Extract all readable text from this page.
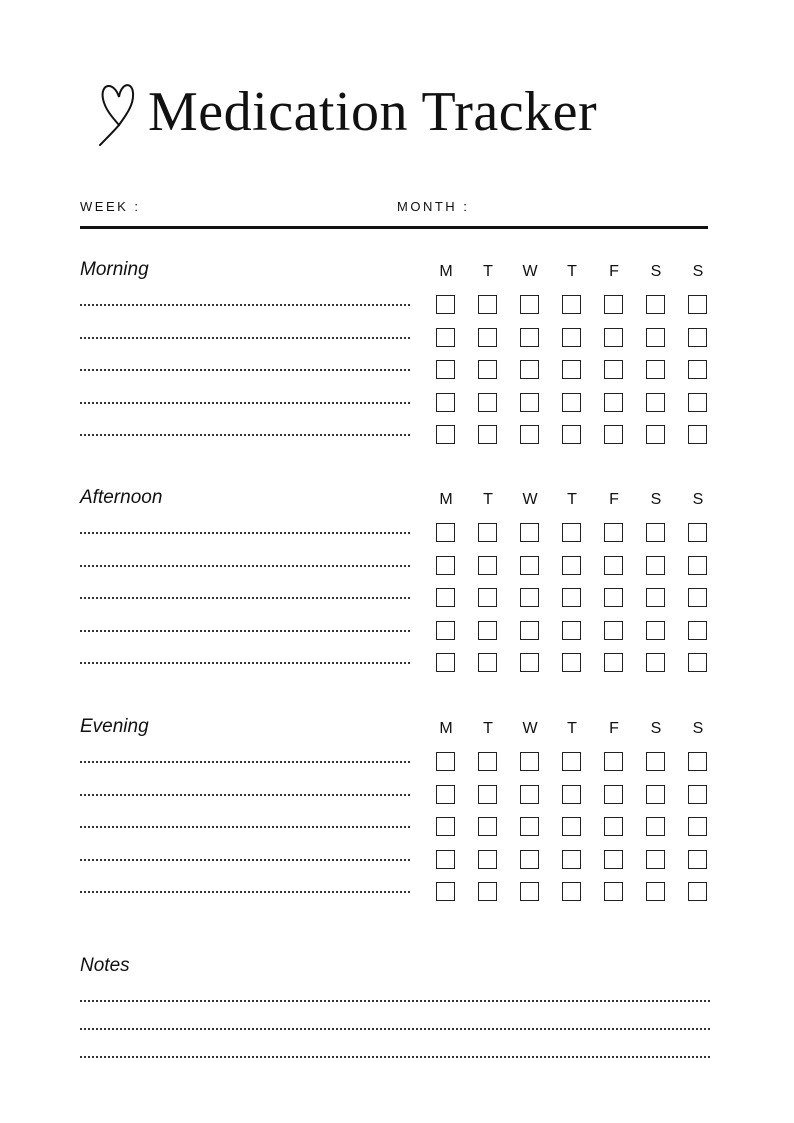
Medication Tracker
WEEK :	MONTH :
Morning	M	T	W	T	F	S	S
Afternoon	M	T	W	T	F	S	S
Evening	M	T	W	T	F	S	S
Notes
